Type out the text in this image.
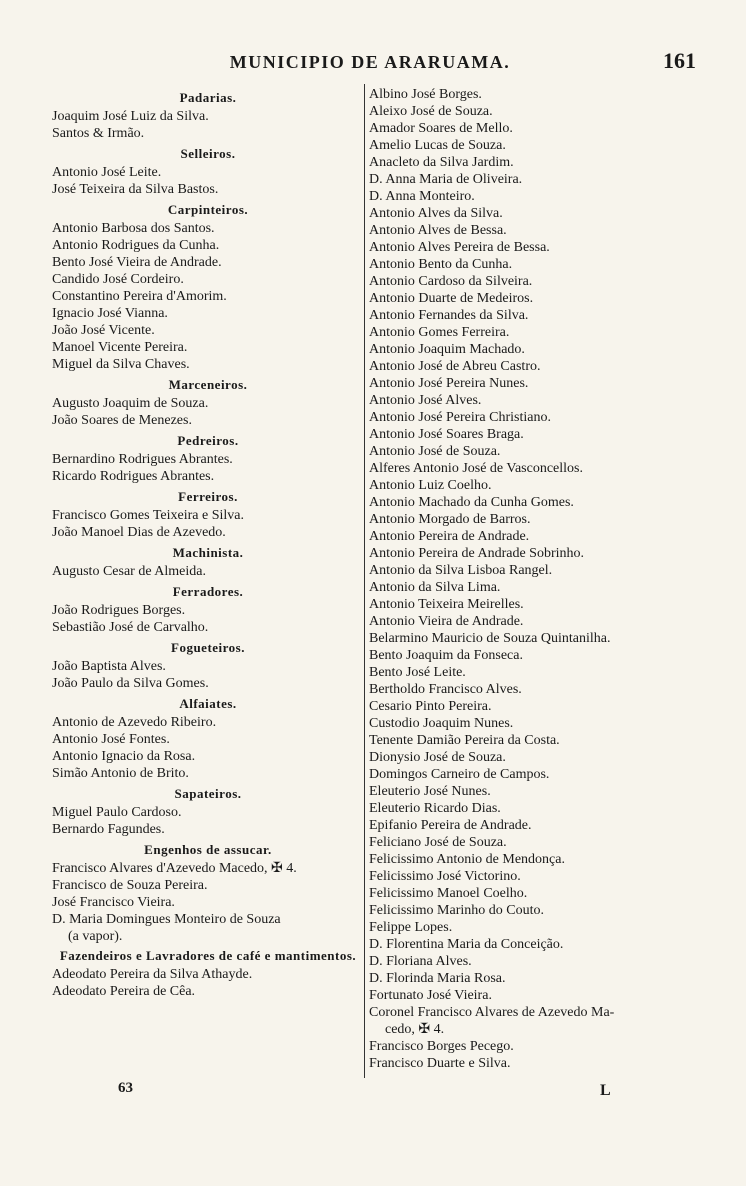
MUNICIPIO DE ARARUAMA.	161
Padarias.
Joaquim José Luiz da Silva.
Santos & Irmão.
Selleiros.
Antonio José Leite.
José Teixeira da Silva Bastos.
Carpinteiros.
Antonio Barbosa dos Santos.
Antonio Rodrigues da Cunha.
Bento José Vieira de Andrade.
Candido José Cordeiro.
Constantino Pereira d'Amorim.
Ignacio José Vianna.
João José Vicente.
Manoel Vicente Pereira.
Miguel da Silva Chaves.
Marceneiros.
Augusto Joaquim de Souza.
João Soares de Menezes.
Pedreiros.
Bernardino Rodrigues Abrantes.
Ricardo Rodrigues Abrantes.
Ferreiros.
Francisco Gomes Teixeira e Silva.
João Manoel Dias de Azevedo.
Machinista.
Augusto Cesar de Almeida.
Ferradores.
João Rodrigues Borges.
Sebastião José de Carvalho.
Fogueteiros.
João Baptista Alves.
João Paulo da Silva Gomes.
Alfaiates.
Antonio de Azevedo Ribeiro.
Antonio José Fontes.
Antonio Ignacio da Rosa.
Simão Antonio de Brito.
Sapateiros.
Miguel Paulo Cardoso.
Bernardo Fagundes.
Engenhos de assucar.
Francisco Alvares d'Azevedo Macedo, ✠ 4.
Francisco de Souza Pereira.
José Francisco Vieira.
D. Maria Domingues Monteiro de Souza
(a vapor).
Fazendeiros e Lavradores de café e mantimentos.
Adeodato Pereira da Silva Athayde.
Adeodato Pereira de Cêa.
Albino José Borges.
Aleixo José de Souza.
Amador Soares de Mello.
Amelio Lucas de Souza.
Anacleto da Silva Jardim.
D. Anna Maria de Oliveira.
D. Anna Monteiro.
Antonio Alves da Silva.
Antonio Alves de Bessa.
Antonio Alves Pereira de Bessa.
Antonio Bento da Cunha.
Antonio Cardoso da Silveira.
Antonio Duarte de Medeiros.
Antonio Fernandes da Silva.
Antonio Gomes Ferreira.
Antonio Joaquim Machado.
Antonio José de Abreu Castro.
Antonio José Pereira Nunes.
Antonio José Alves.
Antonio José Pereira Christiano.
Antonio José Soares Braga.
Antonio José de Souza.
Alferes Antonio José de Vasconcellos.
Antonio Luiz Coelho.
Antonio Machado da Cunha Gomes.
Antonio Morgado de Barros.
Antonio Pereira de Andrade.
Antonio Pereira de Andrade Sobrinho.
Antonio da Silva Lisboa Rangel.
Antonio da Silva Lima.
Antonio Teixeira Meirelles.
Antonio Vieira de Andrade.
Belarmino Mauricio de Souza Quintanilha.
Bento Joaquim da Fonseca.
Bento José Leite.
Bertholdo Francisco Alves.
Cesario Pinto Pereira.
Custodio Joaquim Nunes.
Tenente Damião Pereira da Costa.
Dionysio José de Souza.
Domingos Carneiro de Campos.
Eleuterio José Nunes.
Eleuterio Ricardo Dias.
Epifanio Pereira de Andrade.
Feliciano José de Souza.
Felicissimo Antonio de Mendonça.
Felicissimo José Victorino.
Felicissimo Manoel Coelho.
Felicissimo Marinho do Couto.
Felippe Lopes.
D. Florentina Maria da Conceição.
D. Floriana Alves.
D. Florinda Maria Rosa.
Fortunato José Vieira.
Coronel Francisco Alvares de Azevedo Ma-
cedo, ✠ 4.
Francisco Borges Pecego.
Francisco Duarte e Silva.
63	L
